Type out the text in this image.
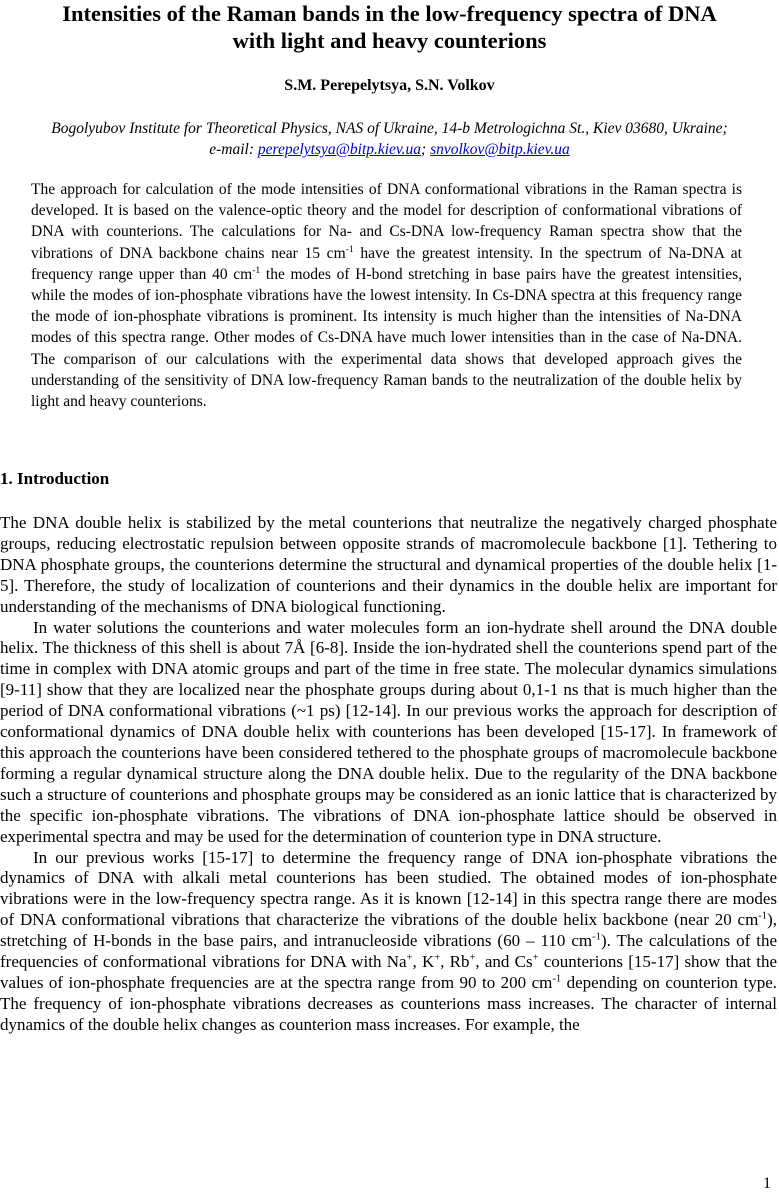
Intensities of the Raman bands in the low-frequency spectra of DNA
with light and heavy counterions
S.M. Perepelytsya, S.N. Volkov
Bogolyubov Institute for Theoretical Physics, NAS of Ukraine, 14-b Metrologichna St., Kiev 03680, Ukraine;
e-mail: perepelytsya@bitp.kiev.ua; snvolkov@bitp.kiev.ua

The approach for calculation of the mode intensities of DNA conformational vibrations in the Raman spectra is developed. It is based on the valence-optic theory and the model for description of conformational vibrations of DNA with counterions. The calculations for Na- and Cs-DNA low-frequency Raman spectra show that the vibrations of DNA backbone chains near 15 $cm^{-1}$ have the greatest intensity. In the spectrum of Na-DNA at frequency range upper than 40 $cm^{-1}$ the modes of H-bond stretching in base pairs have the greatest intensities, while the modes of ion-phosphate vibrations have the lowest intensity. In Cs-DNA spectra at this frequency range the mode of ion-phosphate vibrations is prominent. Its intensity is much higher than the intensities of Na-DNA modes of this spectra range. Other modes of Cs-DNA have much lower intensities than in the case of Na-DNA. The comparison of our calculations with the experimental data shows that developed approach gives the understanding of the sensitivity of DNA low-frequency Raman bands to the neutralization of the double helix by light and heavy counterions.

1. Introduction

The DNA double helix is stabilized by the metal counterions that neutralize the negatively charged phosphate groups, reducing electrostatic repulsion between opposite strands of macromolecule backbone [1]. Tethering to DNA phosphate groups, the counterions determine the structural and dynamical properties of the double helix [1-5]. Therefore, the study of localization of counterions and their dynamics in the double helix are important for understanding of the mechanisms of DNA biological functioning.

In water solutions the counterions and water molecules form an ion-hydrate shell around the DNA double helix. The thickness of this shell is about 7Å [6-8]. Inside the ion-hydrated shell the counterions spend part of the time in complex with DNA atomic groups and part of the time in free state. The molecular dynamics simulations [9-11] show that they are localized near the phosphate groups during about 0,1-1 ns that is much higher than the period of DNA conformational vibrations (~1 ps) [12-14]. In our previous works the approach for description of conformational dynamics of DNA double helix with counterions has been developed [15-17]. In framework of this approach the counterions have been considered tethered to the phosphate groups of macromolecule backbone forming a regular dynamical structure along the DNA double helix. Due to the regularity of the DNA backbone such a structure of counterions and phosphate groups may be considered as an ionic lattice that is characterized by the specific ion-phosphate vibrations. The vibrations of DNA ion-phosphate lattice should be observed in experimental spectra and may be used for the determination of counterion type in DNA structure.

In our previous works [15-17] to determine the frequency range of DNA ion-phosphate vibrations the dynamics of DNA with alkali metal counterions has been studied. The obtained modes of ion-phosphate vibrations were in the low-frequency spectra range. As it is known [12-14] in this spectra range there are modes of DNA conformational vibrations that characterize the vibrations of the double helix backbone (near 20 $cm^{-1}$), stretching of H-bonds in the base pairs, and intranucleoside vibrations (60 – 110 $cm^{-1}$). The calculations of the frequencies of conformational vibrations for DNA with Na+, K+, Rb+, and Cs+ counterions [15-17] show that the values of ion-phosphate frequencies are at the spectra range from 90 to 200 $cm^{-1}$ depending on counterion type. The frequency of ion-phosphate vibrations decreases as counterions mass increases. The character of internal dynamics of the double helix changes as counterion mass increases. For example, the

1
